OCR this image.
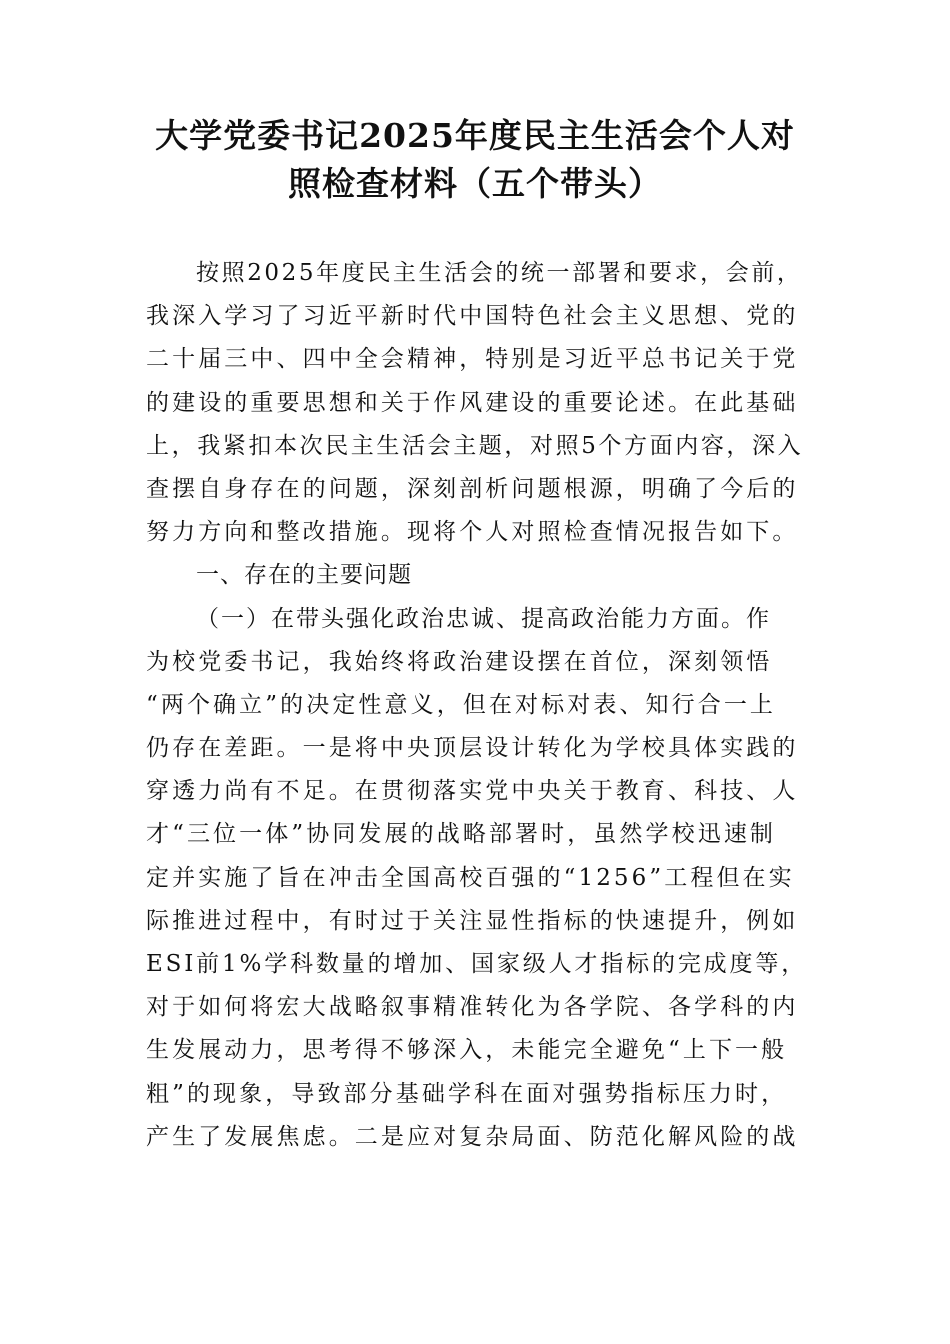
大学党委书记2025年度民主生活会个人对
照检查材料（五个带头）
按照2025年度民主生活会的统一部署和要求，会前，
我深入学习了习近平新时代中国特色社会主义思想、党的
二十届三中、四中全会精神，特别是习近平总书记关于党
的建设的重要思想和关于作风建设的重要论述。在此基础
上，我紧扣本次民主生活会主题，对照5个方面内容，深入
查摆自身存在的问题，深刻剖析问题根源，明确了今后的
努力方向和整改措施。现将个人对照检查情况报告如下。
一、存在的主要问题
（一）在带头强化政治忠诚、提高政治能力方面。作
为校党委书记，我始终将政治建设摆在首位，深刻领悟
“两个确立”的决定性意义，但在对标对表、知行合一上
仍存在差距。一是将中央顶层设计转化为学校具体实践的
穿透力尚有不足。在贯彻落实党中央关于教育、科技、人
才“三位一体”协同发展的战略部署时，虽然学校迅速制
定并实施了旨在冲击全国高校百强的“1256”工程但在实
际推进过程中，有时过于关注显性指标的快速提升，例如
ESI前1%学科数量的增加、国家级人才指标的完成度等，
对于如何将宏大战略叙事精准转化为各学院、各学科的内
生发展动力，思考得不够深入，未能完全避免“上下一般
粗”的现象，导致部分基础学科在面对强势指标压力时，
产生了发展焦虑。二是应对复杂局面、防范化解风险的战
